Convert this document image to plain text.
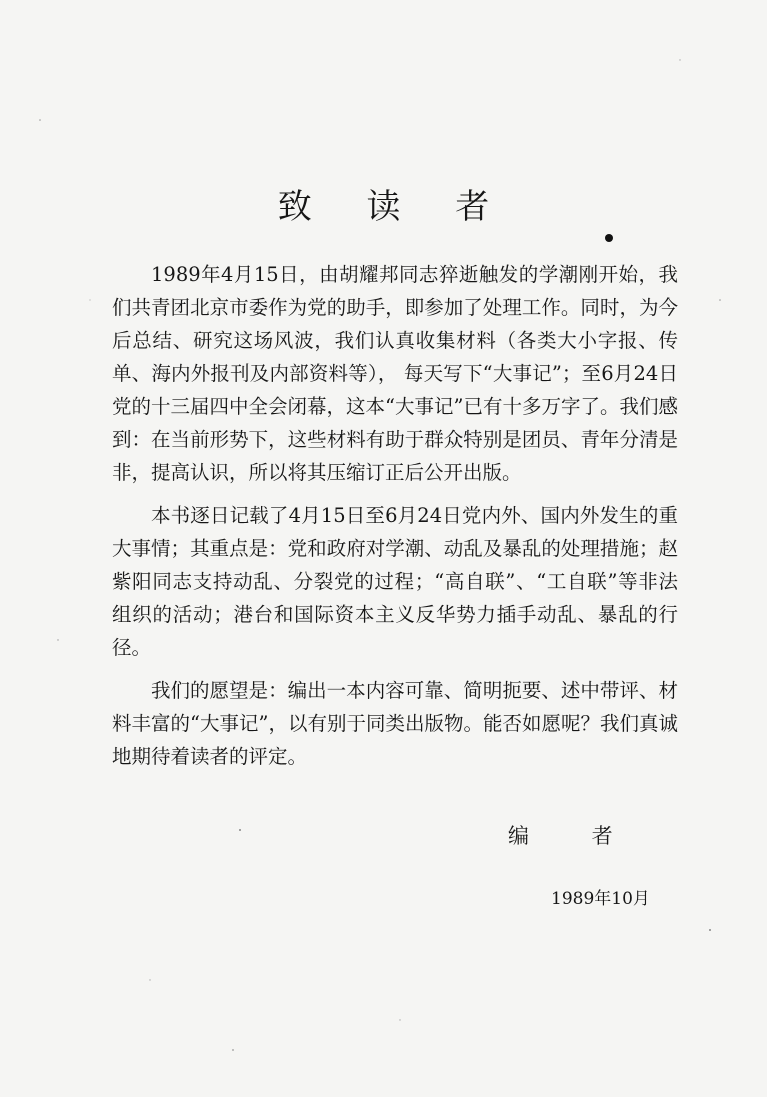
致 读 者

1989年4月15日，由胡耀邦同志猝逝触发的学潮刚开始，我们共青团北京市委作为党的助手，即参加了处理工作。同时，为今后总结、研究这场风波，我们认真收集材料（各类大小字报、传单、海内外报刊及内部资料等）， 每天写下“大事记”；至6月24日党的十三届四中全会闭幕，这本“大事记”已有十多万字了。我们感到：在当前形势下，这些材料有助于群众特别是团员、青年分清是非，提高认识，所以将其压缩订正后公开出版。

本书逐日记载了4月15日至6月24日党内外、国内外发生的重大事情；其重点是：党和政府对学潮、动乱及暴乱的处理措施；赵紫阳同志支持动乱、分裂党的过程；“高自联”、“工自联”等非法组织的活动；港台和国际资本主义反华势力插手动乱、暴乱的行径。

我们的愿望是：编出一本内容可靠、简明扼要、述中带评、材料丰富的“大事记”，以有别于同类出版物。能否如愿呢？我们真诚地期待着读者的评定。

编 者
1989年10月
